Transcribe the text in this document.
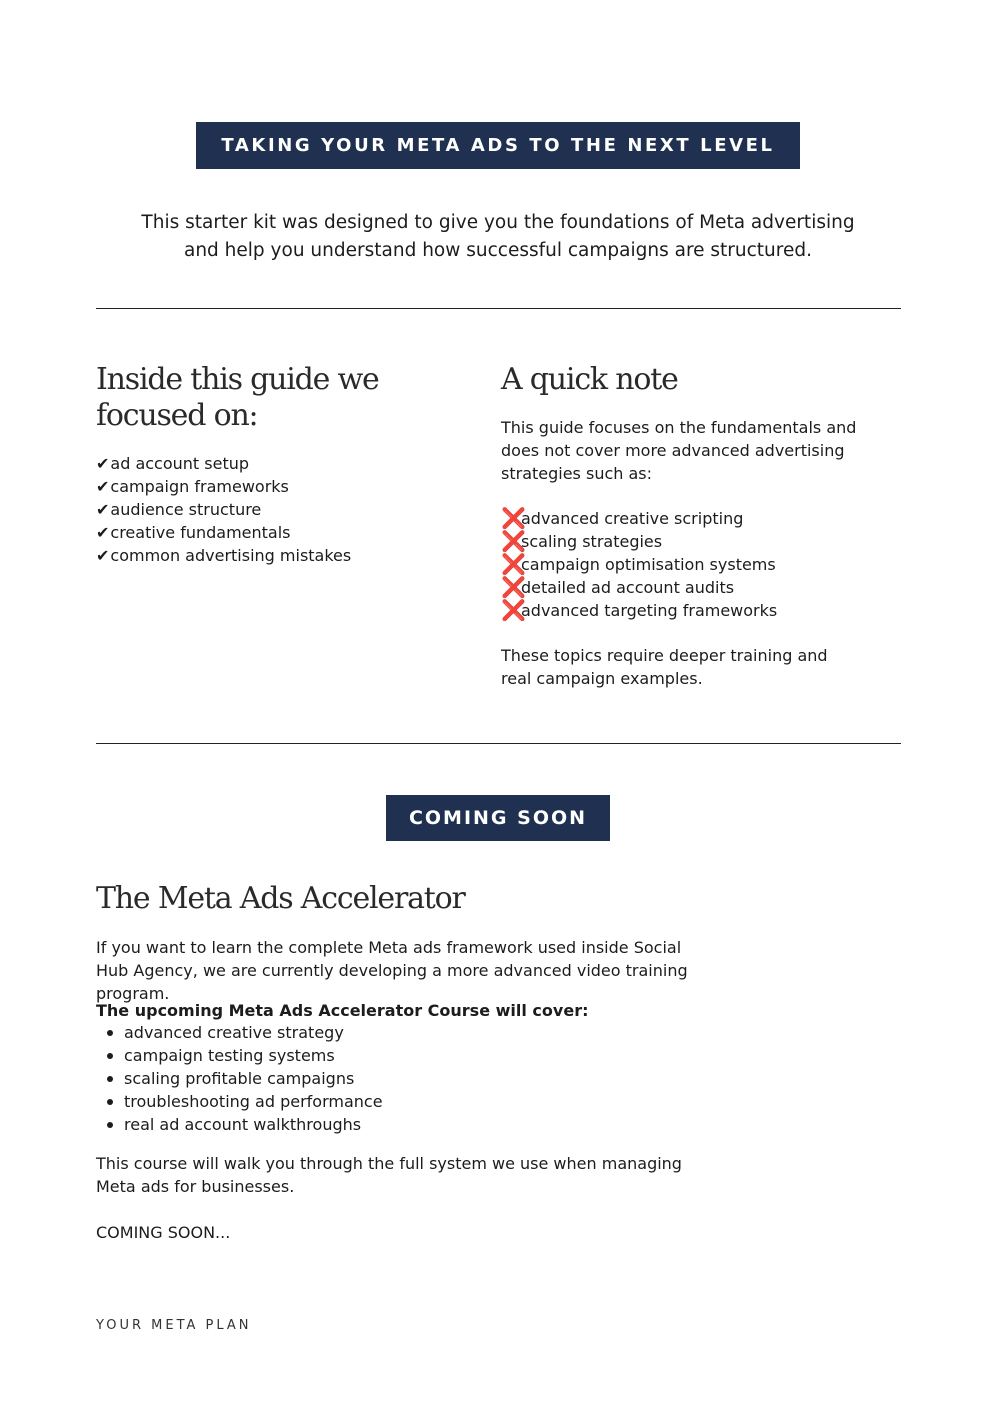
TAKING YOUR META ADS TO THE NEXT LEVEL
This starter kit was designed to give you the foundations of Meta advertising
and help you understand how successful campaigns are structured.
Inside this guide we
focused on:
✔ad account setup
✔campaign frameworks
✔audience structure
✔creative fundamentals
✔common advertising mistakes
A quick note
This guide focuses on the fundamentals and does not cover more advanced advertising strategies such as:
❌advanced creative scripting
❌scaling strategies
❌campaign optimisation systems
❌detailed ad account audits
❌advanced targeting frameworks
These topics require deeper training and real campaign examples.
COMING SOON
The Meta Ads Accelerator
If you want to learn the complete Meta ads framework used inside Social Hub Agency, we are currently developing a more advanced video training program.
The upcoming Meta Ads Accelerator Course will cover:
advanced creative strategy
campaign testing systems
scaling profitable campaigns
troubleshooting ad performance
real ad account walkthroughs
This course will walk you through the full system we use when managing Meta ads for businesses.
COMING SOON...
YOUR META PLAN
